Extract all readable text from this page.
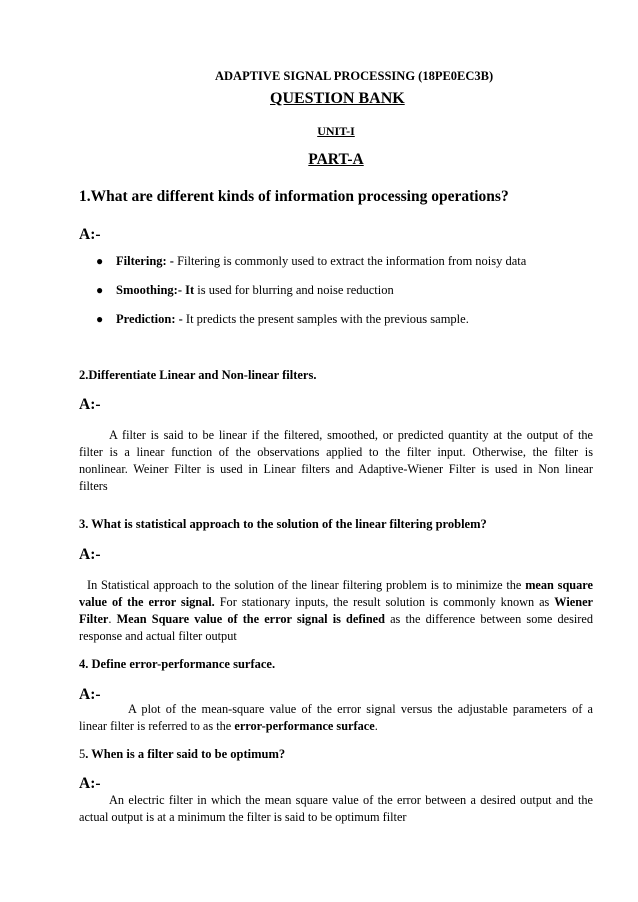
ADAPTIVE SIGNAL PROCESSING (18PE0EC3B)
QUESTION BANK
UNIT-I
PART-A
1.What are different kinds of information processing operations?
A:-
● Filtering: - Filtering is commonly used to extract the information from noisy data
● Smoothing:- It is used for blurring and noise reduction
● Prediction: - It predicts the present samples with the previous sample.
2.Differentiate Linear and Non-linear filters.
A:-
A filter is said to be linear if the filtered, smoothed, or predicted quantity at the output of the
filter is a linear function of the observations applied to the filter input. Otherwise, the filter is
nonlinear. Weiner Filter is used in Linear filters and Adaptive-Wiener Filter is used in Non linear
filters
3. What is statistical approach to the solution of the linear filtering problem?
A:-
In Statistical approach to the solution of the linear filtering problem is to minimize the mean square
value of the error signal. For stationary inputs, the result solution is commonly known as Wiener
Filter. Mean Square value of the error signal is defined as the difference between some desired
response and actual filter output
4. Define error-performance surface.
A:-
A plot of the mean-square value of the error signal versus the adjustable parameters of a
linear filter is referred to as the error-performance surface.
5. When is a filter said to be optimum?
A:-
An electric filter in which the mean square value of the error between a desired output and the
actual output is at a minimum the filter is said to be optimum filter
